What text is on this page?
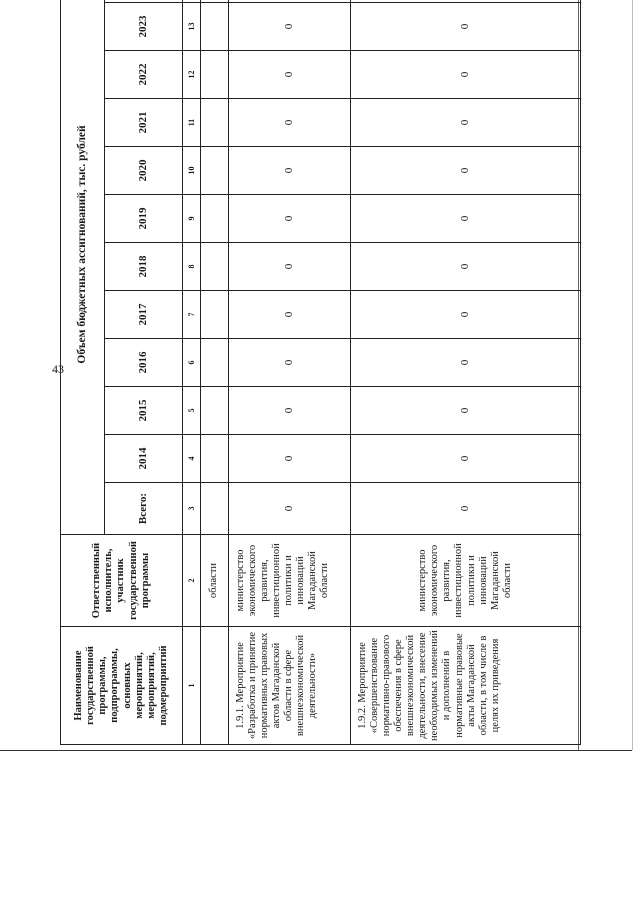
43
Наименование государственной программы, подпрограммы, основных мероприятий, мероприятий, подмероприятий	Ответственный исполнитель, участник государственной программы	Объем бюджетных ассигнований, тыс. рублей											
		Всего:	2014	2015	2016	2017	2018	2019	2020	2021	2022	2023	
1	2	3	4	5	6	7	8	9	10	11	12	13	
	области												
1.9.1. Мероприятие «Разработка и принятие нормативных правовых актов Магаданской области в сфере внешнеэкономической деятельности»	министерство экономического развития, инвестиционной политики и инноваций Магаданской области	0	0	0	0	0	0	0	0	0	0	0	
1.9.2. Мероприятие «Совершенствование нормативно-правового обеспечения в сфере внешнеэкономической деятельности, внесение необходимых изменений и дополнений в нормативные правовые акты Магаданской области, в том числе в целях их приведения	министерство экономического развития, инвестиционной политики и инноваций Магаданской области	0	0	0	0	0	0	0	0	0	0	0	
